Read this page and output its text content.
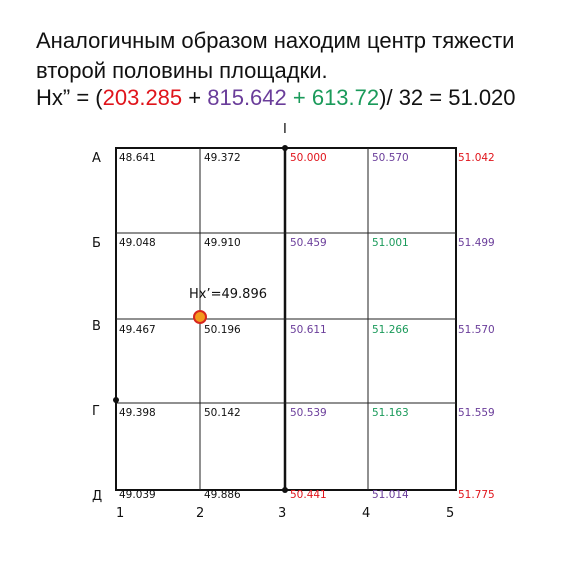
Аналогичным образом находим центр тяжести
второй половины площадки.
Hx” = (203.285 + 815.642 + 613.72)/ 32 = 51.020
I
Hx’=49.896
48.641	49.372	50.000	50.570	51.042
49.048	49.910	50.459	51.001	51.499
49.467	50.196	50.611	51.266	51.570
49.398	50.142	50.539	51.163	51.559
49.039	49.886	50.441	51.014	51.775
А
Б
В
Г
Д
1	2	3	4	5
